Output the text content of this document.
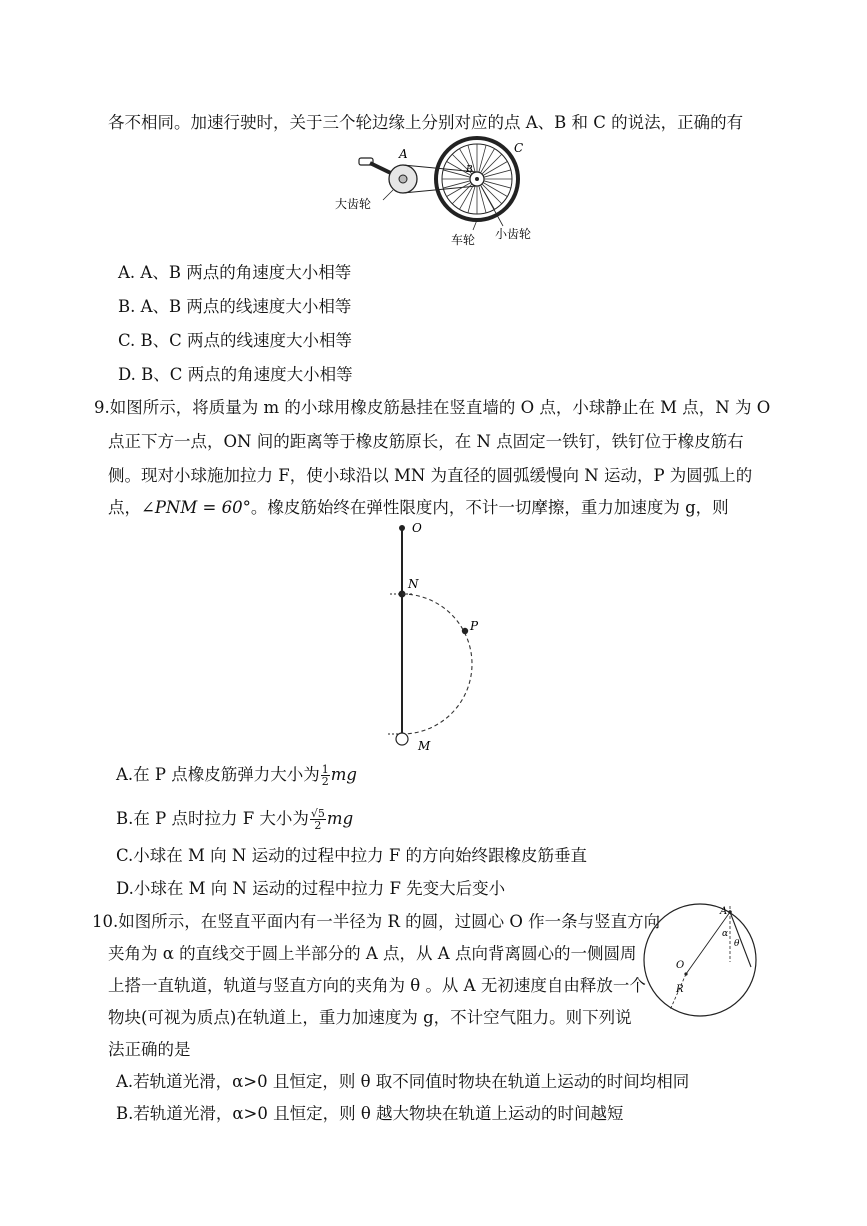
各不相同。加速行驶时，关于三个轮边缘上分别对应的点 A、B 和 C 的说法，正确的有
A
B
C
大齿轮
车轮 小齿轮
A. A、B 两点的角速度大小相等
B. A、B 两点的线速度大小相等
C. B、C 两点的线速度大小相等
D. B、C 两点的角速度大小相等
9.如图所示，将质量为 m 的小球用橡皮筋悬挂在竖直墙的 O 点，小球静止在 M 点，N 为 O
点正下方一点，ON 间的距离等于橡皮筋原长，在 N 点固定一铁钉，铁钉位于橡皮筋右
侧。现对小球施加拉力 F，使小球沿以 MN 为直径的圆弧缓慢向 N 运动，P 为圆弧上的
点，∠PNM = 60°。橡皮筋始终在弹性限度内，不计一切摩擦，重力加速度为 g，则
O
N
P
M
A.在 P 点橡皮筋弹力大小为 $\frac{1}{2}$ mg
B.在 P 点时拉力 F 大小为 $\frac{√5}{2}$ mg
C.小球在 M 向 N 运动的过程中拉力 F 的方向始终跟橡皮筋垂直
D.小球在 M 向 N 运动的过程中拉力 F 先变大后变小
10.如图所示，在竖直平面内有一半径为 R 的圆，过圆心 O 作一条与竖直方向
夹角为 α 的直线交于圆上半部分的 A 点，从 A 点向背离圆心的一侧圆周
上搭一直轨道，轨道与竖直方向的夹角为 θ 。从 A 无初速度自由释放一个
物块(可视为质点)在轨道上，重力加速度为 g，不计空气阻力。则下列说
法正确的是
A
O
R
α
θ
A.若轨道光滑，α>0 且恒定，则 θ 取不同值时物块在轨道上运动的时间均相同
B.若轨道光滑，α>0 且恒定，则 θ 越大物块在轨道上运动的时间越短
